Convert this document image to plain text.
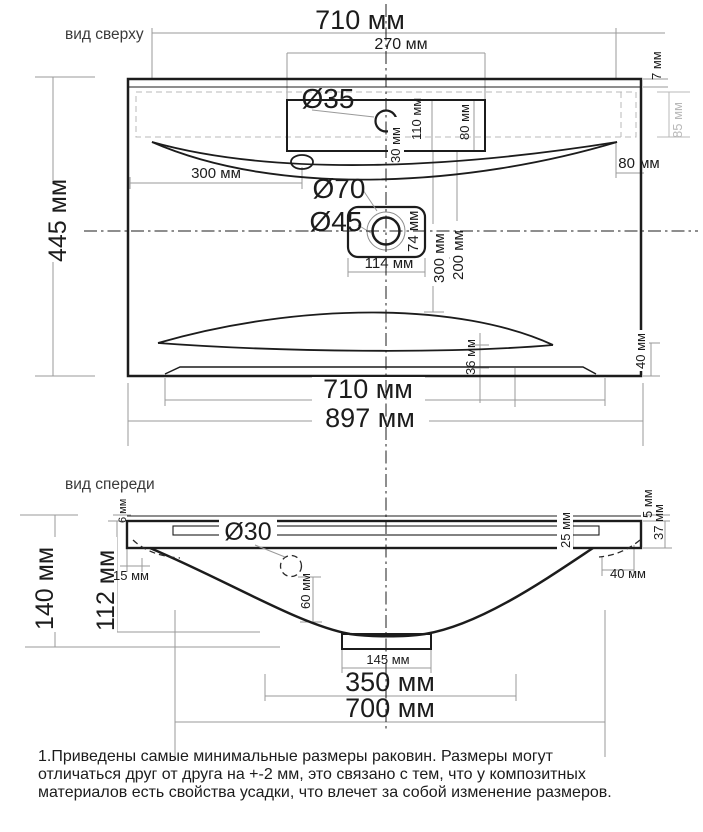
вид сверху	710 мм
270 мм
7 мм
85 мм
Ø35
30 мм
110 мм	80 мм
445 мм
300 мм
80 мм
Ø70
Ø45	74 мм
114 мм 300 мм 200 мм
36 мм	40 мм
710 мм
897 мм
вид спереди
6 мм
Ø30
15 мм
140 мм 112 мм	60 мм
25 мм
5 мм
37 мм
40 мм
145 мм
350 мм
700 мм
1.Приведены самые минимальные размеры раковин. Размеры могут
отличаться друг от друга на +-2 мм, это связано с тем, что у композитных
материалов есть свойства усадки, что влечет за собой изменение размеров.
